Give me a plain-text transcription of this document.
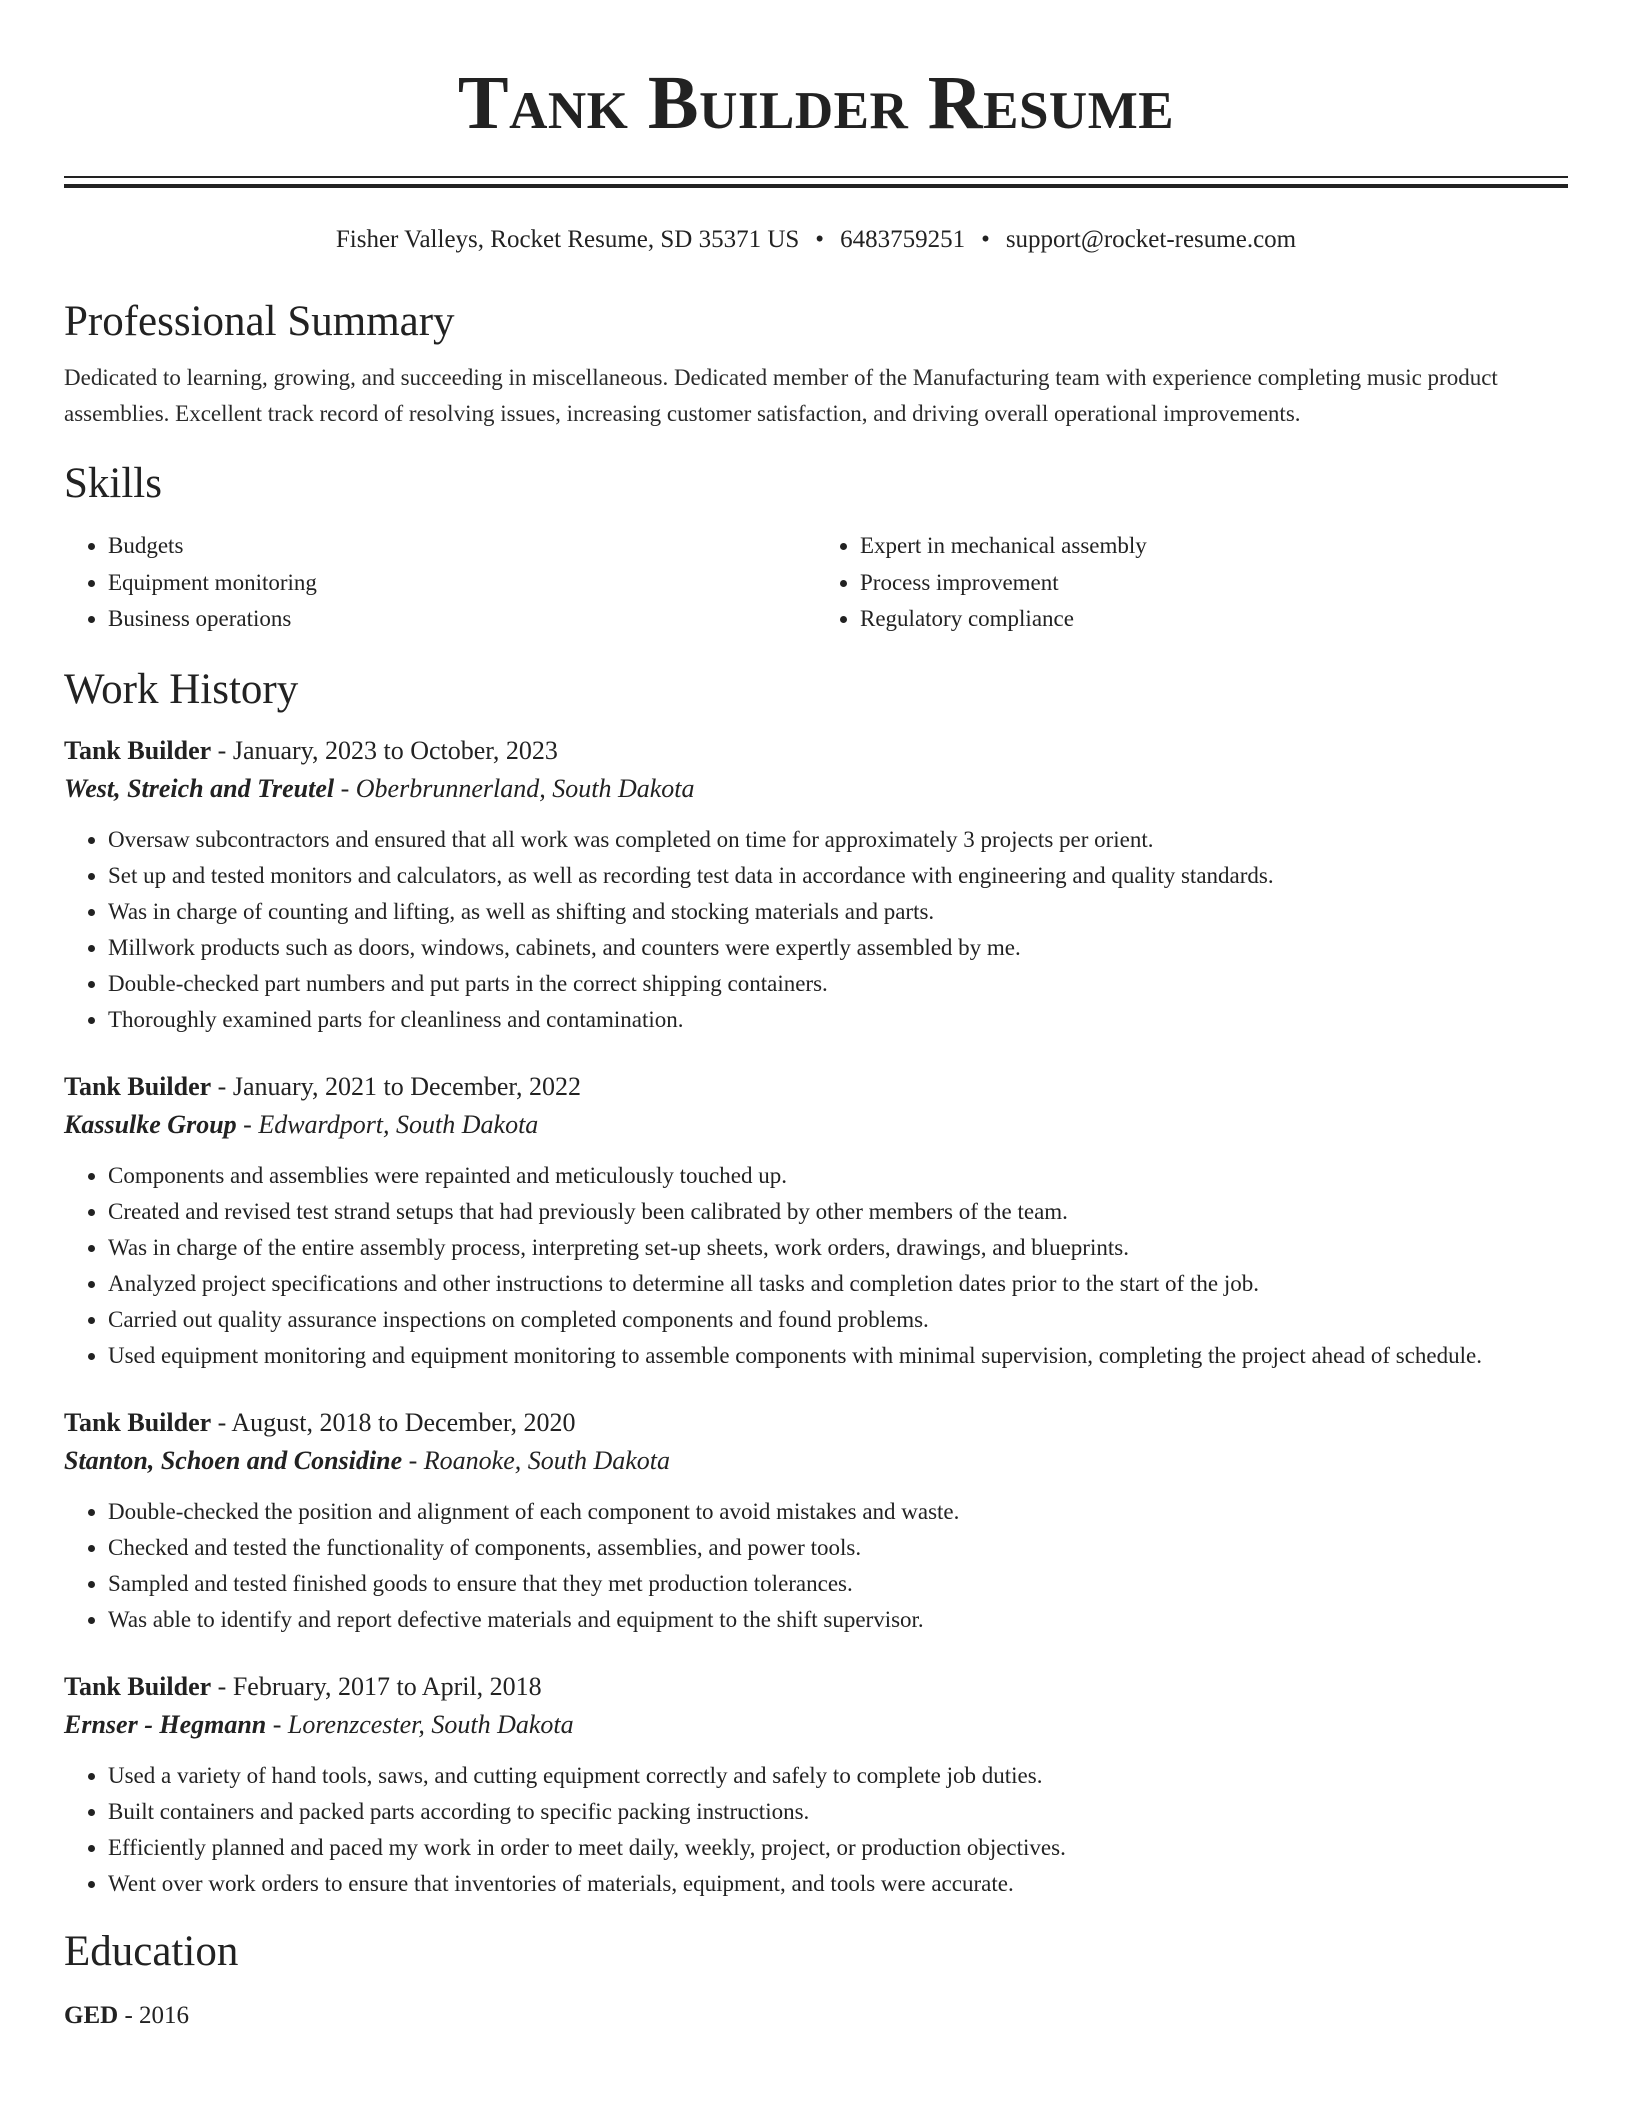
Tank Builder Resume
Fisher Valleys, Rocket Resume, SD 35371 US • 6483759251 • support@rocket-resume.com
Professional Summary

Dedicated to learning, growing, and succeeding in miscellaneous. Dedicated member of the Manufacturing team with experience completing music product assemblies. Excellent track record of resolving issues, increasing customer satisfaction, and driving overall operational improvements.

Skills
• Budgets
• Equipment monitoring
• Business operations
• Expert in mechanical assembly
• Process improvement
• Regulatory compliance
Work History

Tank Builder - January, 2023 to October, 2023

West, Streich and Treutel - Oberbrunnerland, South Dakota

• Oversaw subcontractors and ensured that all work was completed on time for approximately 3 projects per orient.
• Set up and tested monitors and calculators, as well as recording test data in accordance with engineering and quality standards.
• Was in charge of counting and lifting, as well as shifting and stocking materials and parts.
• Millwork products such as doors, windows, cabinets, and counters were expertly assembled by me.
• Double-checked part numbers and put parts in the correct shipping containers.
• Thoroughly examined parts for cleanliness and contamination.

Tank Builder - January, 2021 to December, 2022

Kassulke Group - Edwardport, South Dakota

• Components and assemblies were repainted and meticulously touched up.
• Created and revised test strand setups that had previously been calibrated by other members of the team.
• Was in charge of the entire assembly process, interpreting set-up sheets, work orders, drawings, and blueprints.
• Analyzed project specifications and other instructions to determine all tasks and completion dates prior to the start of the job.
• Carried out quality assurance inspections on completed components and found problems.
• Used equipment monitoring and equipment monitoring to assemble components with minimal supervision, completing the project ahead of schedule.

Tank Builder - August, 2018 to December, 2020

Stanton, Schoen and Considine - Roanoke, South Dakota

• Double-checked the position and alignment of each component to avoid mistakes and waste.
• Checked and tested the functionality of components, assemblies, and power tools.
• Sampled and tested finished goods to ensure that they met production tolerances.
• Was able to identify and report defective materials and equipment to the shift supervisor.

Tank Builder - February, 2017 to April, 2018

Ernser - Hegmann - Lorenzcester, South Dakota

• Used a variety of hand tools, saws, and cutting equipment correctly and safely to complete job duties.
• Built containers and packed parts according to specific packing instructions.
• Efficiently planned and paced my work in order to meet daily, weekly, project, or production objectives.
• Went over work orders to ensure that inventories of materials, equipment, and tools were accurate.
Education
GED - 2016
